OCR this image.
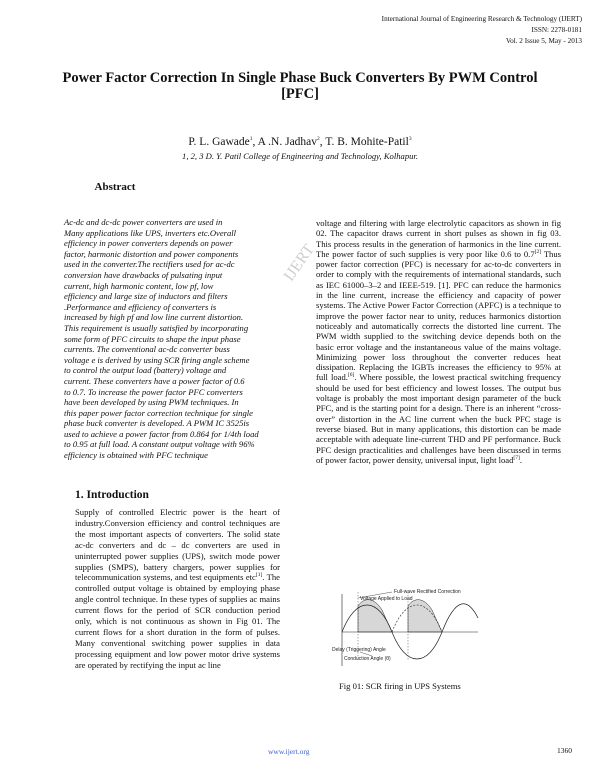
International Journal of Engineering Research & Technology (IJERT)
ISSN: 2278-0181
Vol. 2 Issue 5, May - 2013
Power Factor Correction In Single Phase Buck Converters By PWM Control
[PFC]
P. L. Gawade$^1$, A .N. Jadhav$^2$, T. B. Mohite-Patil$^3$
1, 2, 3 D. Y. Patil College of Engineering and Technology, Kolhapur.
Abstract
Ac-dc and dc-dc power converters are used in
Many applications like UPS, inverters etc.Overall
efficiency in power converters depends on power
factor, harmonic distortion and power components
used in the converter.The rectifiers used for ac-dc
conversion have drawbacks of pulsating input
current, high harmonic content, low pf, low
efficiency and large size of inductors and filters
.Performance and efficiency of converters is
increased by high pf and low line current distortion.
This requirement is usually satisfied by incorporating
some form of PFC circuits to shape the input phase
currents. The conventional ac-dc converter buss
voltage e is derived by using SCR firing angle scheme
to control the output load (battery) voltage and
current. These converters have a power factor of 0.6
to 0.7. To increase the power factor PFC converters
have been developed by using PWM techniques. In
this paper power factor correction technique for single
phase buck converter is developed. A PWM IC 3525is
used to achieve a power factor from 0.864 for 1/4th load
to 0.95 at full load. A constant output voltage with 96%
efficiency is obtained with PFC technique
1. Introduction
Supply of controlled Electric power is the heart of industry.Conversion efficiency and control techniques are the most important aspects of converters. The solid state ac-dc converters and dc – dc converters are used in uninterrupted power supplies (UPS), switch mode power supplies (SMPS), battery chargers, power supplies for telecommunication systems, and test equipments etc[1]. The controlled output voltage is obtained by employing phase angle control technique. In these types of supplies ac mains current flows for the period of SCR conduction period only, which is not continuous as shown in Fig 01. The current flows for a short duration in the form of pulses. Many conventional switching power supplies in data processing equipment and low power motor drive systems are operated by rectifying the input ac line
voltage and filtering with large electrolytic capacitors as shown in fig 02. The capacitor draws current in short pulses as shown in fig 03. This process results in the generation of harmonics in the line current. The power factor of such supplies is very poor like 0.6 to 0.7[2] Thus power factor correction (PFC) is necessary for ac-to-dc converters in order to comply with the requirements of international standards, such as IEC 61000–3–2 and IEEE-519. [1]. PFC can reduce the harmonics in the line current, increase the efficiency and capacity of power systems. The Active Power Factor Correction (APFC) is a technique to improve the power factor near to unity, reduces harmonics distortion noticeably and automatically corrects the distorted line current. The PWM width supplied to the switching device depends both on the basic error voltage and the instantaneous value of the mains voltage. Minimizing power loss throughout the converter reduces heat dissipation. Replacing the IGBTs increases the efficiency to 95% at full load.[6]. Where possible, the lowest practical switching frequency should be used for best efficiency and lowest losses. The output bus voltage is probably the most important design parameter of the buck PFC, and is the starting point for a design. There is an inherent “cross-over” distortion in the AC line current when the buck PFC stage is reverse biased. But in many applications, this distortion can be made acceptable with adequate line-current THD and PF performance. Buck PFC design practicalities and challenges have been discussed in terms of power factor, power density, universal input, light load[7].
IJERT
Full-wave Rectified Correction
Voltage Applied to Load
Delay (Triggering) Angle
Conduction Angle (θ)
Fig 01: SCR firing in UPS Systems
www.ijert.org	1360
